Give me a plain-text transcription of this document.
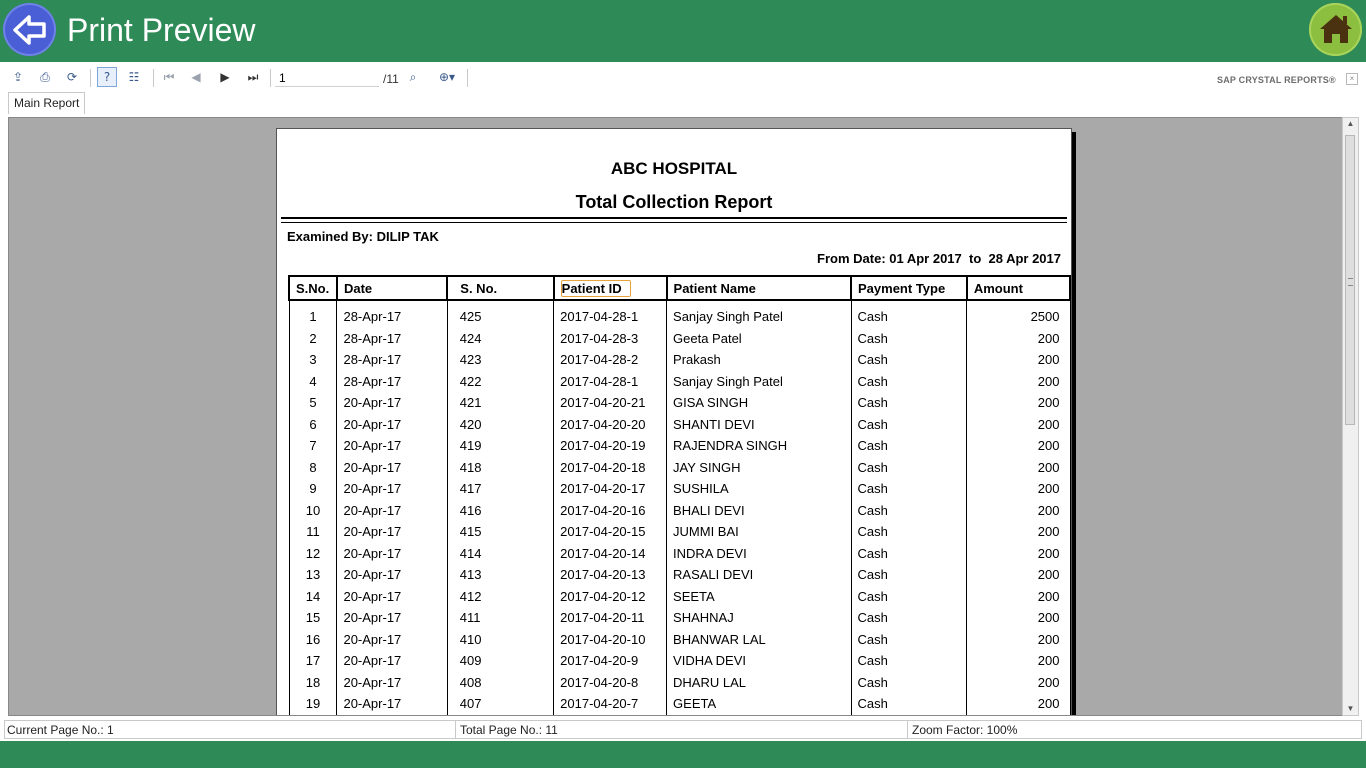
Print Preview
⇪	⎙	⟳	?	☷	⏮	◀	▶	⏭
1	/11 ⌕	⊕▾	SAP CRYSTAL REPORTS®	×
Main Report
ABC HOSPITAL
Total Collection Report
Examined By: DILIP TAK
From Date: 01 Apr 2017  to  28 Apr 2017
S.No.	Date	S. No.	Patient ID	Patient Name	Payment Type	Amount
1	28-Apr-17	425	2017-04-28-1	Sanjay Singh Patel	Cash	2500
2	28-Apr-17	424	2017-04-28-3	Geeta Patel	Cash	200
3	28-Apr-17	423	2017-04-28-2	Prakash	Cash	200
4	28-Apr-17	422	2017-04-28-1	Sanjay Singh Patel	Cash	200
5	20-Apr-17	421	2017-04-20-21	GISA SINGH	Cash	200
6	20-Apr-17	420	2017-04-20-20	SHANTI DEVI	Cash	200
7	20-Apr-17	419	2017-04-20-19	RAJENDRA SINGH	Cash	200
8	20-Apr-17	418	2017-04-20-18	JAY SINGH	Cash	200
9	20-Apr-17	417	2017-04-20-17	SUSHILA	Cash	200
10	20-Apr-17	416	2017-04-20-16	BHALI DEVI	Cash	200
11	20-Apr-17	415	2017-04-20-15	JUMMI BAI	Cash	200
12	20-Apr-17	414	2017-04-20-14	INDRA DEVI	Cash	200
13	20-Apr-17	413	2017-04-20-13	RASALI DEVI	Cash	200
14	20-Apr-17	412	2017-04-20-12	SEETA	Cash	200
15	20-Apr-17	411	2017-04-20-11	SHAHNAJ	Cash	200
16	20-Apr-17	410	2017-04-20-10	BHANWAR LAL	Cash	200
17	20-Apr-17	409	2017-04-20-9	VIDHA DEVI	Cash	200
18	20-Apr-17	408	2017-04-20-8	DHARU LAL	Cash	200
19	20-Apr-17	407	2017-04-20-7	GEETA	Cash	200
▲
▼
Current Page No.: 1	Total Page No.: 11	Zoom Factor: 100%
